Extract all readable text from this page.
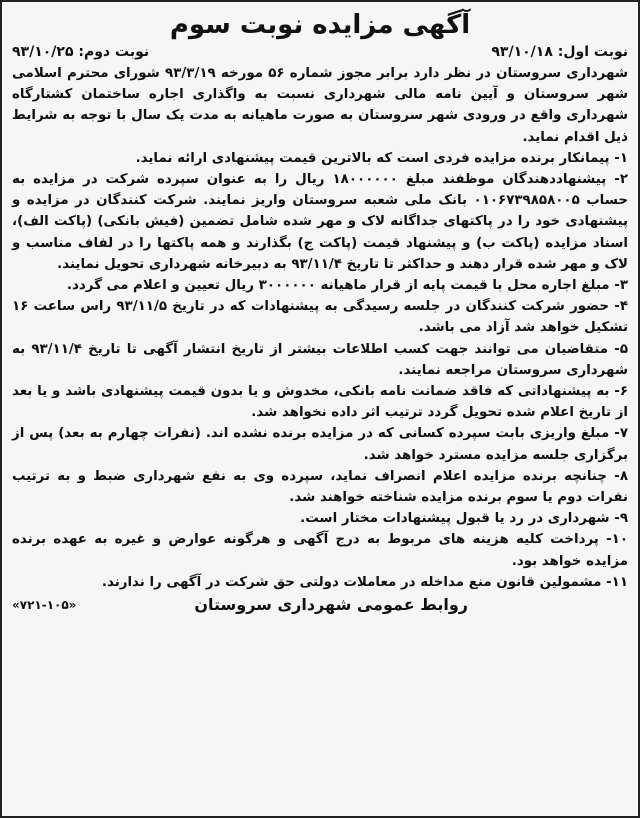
آگهی مزایده نوبت سوم
نوبت اول: ۹۳/۱۰/۱۸
نوبت دوم: ۹۳/۱۰/۲۵

شهرداری سروستان در نظر دارد برابر مجوز شماره ۵۶ مورخه ۹۳/۳/۱۹ شورای محترم اسلامی شهر سروستان و آیین نامه مالی شهرداری نسبت به واگذاری اجاره ساختمان کشتارگاه شهرداری واقع در ورودی شهر سروستان به صورت ماهیانه به مدت یک سال با توجه به شرایط ذیل اقدام نماید.

۱- پیمانکار برنده مزایده فردی است که بالاترین قیمت پیشنهادی ارائه نماید.
۲- پیشنهاددهندگان موظفند مبلغ ۱۸۰۰۰۰۰۰ ریال را به عنوان سپرده شرکت در مزایده به حساب ۰۱۰۶۷۳۹۸۵۸۰۰۵ بانک ملی شعبه سروستان واریز نمایند. شرکت کنندگان در مزایده و پیشنهادی خود را در پاکتهای جداگانه لاک و مهر شده شامل تضمین (فیش بانکی) (پاکت الف)، اسناد مزایده (پاکت ب) و پیشنهاد قیمت (پاکت ج) بگذارند و همه پاکتها را در لفاف مناسب و لاک و مهر شده قرار دهند و حداکثر تا تاریخ ۹۳/۱۱/۴ به دبیرخانه شهرداری تحویل نمایند.
۳- مبلغ اجاره محل با قیمت پایه از قرار ماهیانه ۳۰۰۰۰۰۰ ریال تعیین و اعلام می گردد.
۴- حضور شرکت کنندگان در جلسه رسیدگی به پیشنهادات که در تاریخ ۹۳/۱۱/۵ راس ساعت ۱۶ تشکیل خواهد شد آزاد می باشد.
۵- متقاضیان می توانند جهت کسب اطلاعات بیشتر از تاریخ انتشار آگهی تا تاریخ ۹۳/۱۱/۴ به شهرداری سروستان مراجعه نمایند.
۶- به پیشنهاداتی که فاقد ضمانت نامه بانکی، مخدوش و یا بدون قیمت پیشنهادی باشد و یا بعد از تاریخ اعلام شده تحویل گردد ترتیب اثر داده نخواهد شد.
۷- مبلغ واریزی بابت سپرده کسانی که در مزایده برنده نشده اند. (نفرات چهارم به بعد) پس از برگزاری جلسه مزایده مسترد خواهد شد.
۸- چنانچه برنده مزایده اعلام انصراف نماید، سپرده وی به نفع شهرداری ضبط و به ترتیب نفرات دوم یا سوم برنده مزایده شناخته خواهند شد.
۹- شهرداری در رد یا قبول پیشنهادات مختار است.
۱۰- پرداخت کلیه هزینه های مربوط به درج آگهی و هرگونه عوارض و غیره به عهده برنده مزایده خواهد بود.
۱۱- مشمولین قانون منع مداخله در معاملات دولتی حق شرکت در آگهی را ندارند.
روابط عمومی شهرداری سروستان
«۷۲۱-۱۰۵»
